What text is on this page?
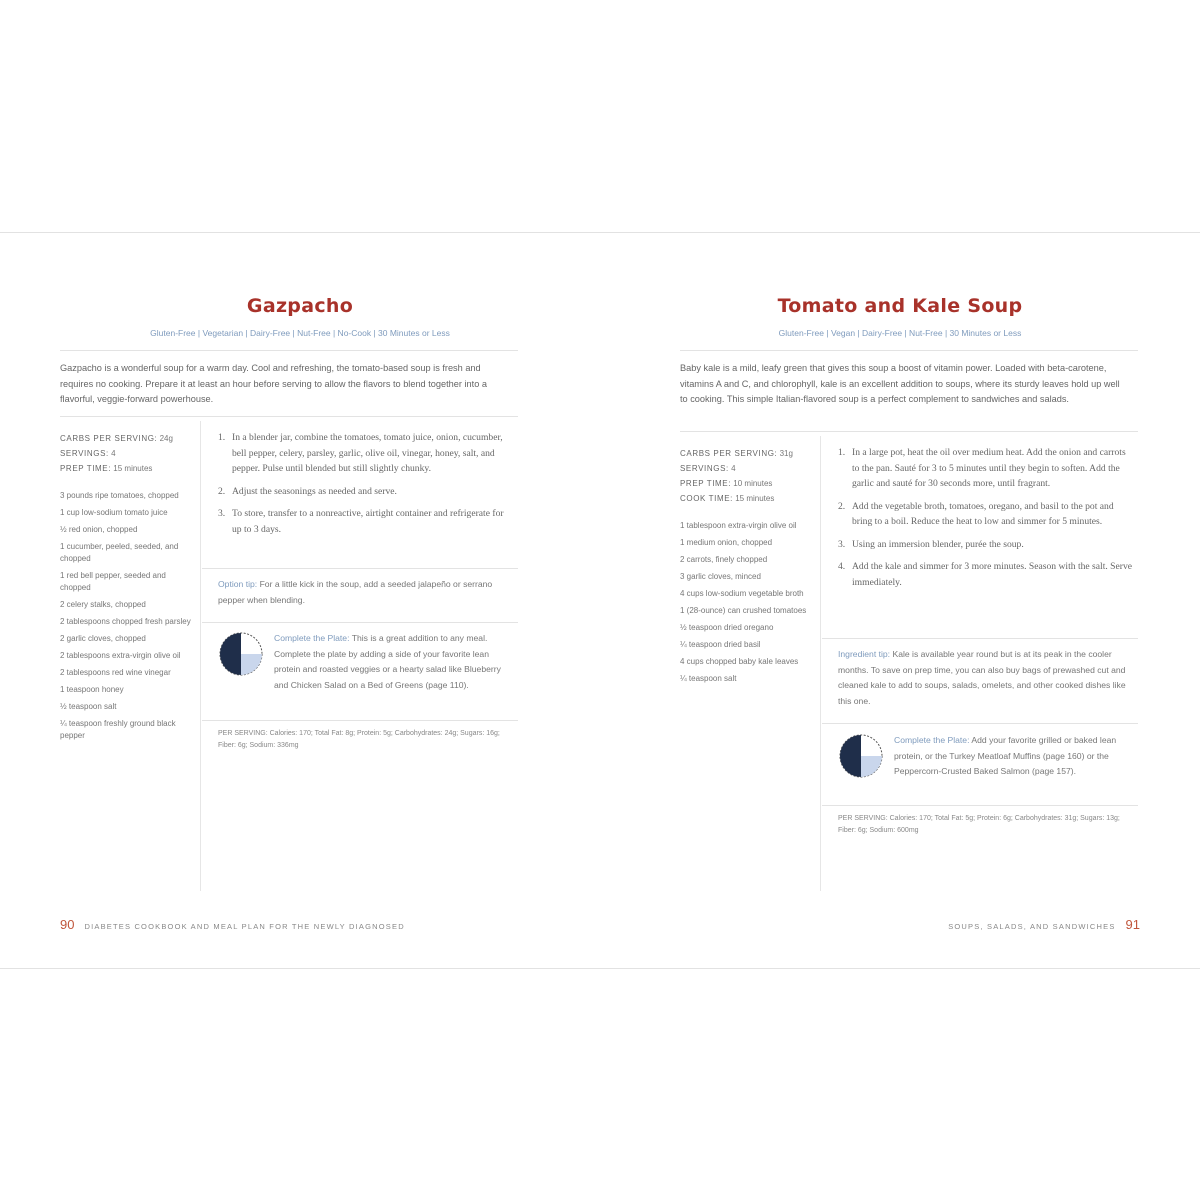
Gazpacho
Gluten-Free | Vegetarian | Dairy-Free | Nut-Free | No-Cook | 30 Minutes or Less
Gazpacho is a wonderful soup for a warm day. Cool and refreshing, the tomato-based soup is fresh and requires no cooking. Prepare it at least an hour before serving to allow the flavors to blend together into a flavorful, veggie-forward powerhouse.
CARBS PER SERVING: 24g
SERVINGS: 4
PREP TIME: 15 minutes
3 pounds ripe tomatoes, chopped
1 cup low-sodium tomato juice
½ red onion, chopped
1 cucumber, peeled, seeded, and chopped
1 red bell pepper, seeded and chopped
2 celery stalks, chopped
2 tablespoons chopped fresh parsley
2 garlic cloves, chopped
2 tablespoons extra-virgin olive oil
2 tablespoons red wine vinegar
1 teaspoon honey
½ teaspoon salt
¼ teaspoon freshly ground black pepper
1. In a blender jar, combine the tomatoes, tomato juice, onion, cucumber, bell pepper, celery, parsley, garlic, olive oil, vinegar, honey, salt, and pepper. Pulse until blended but still slightly chunky.
2. Adjust the seasonings as needed and serve.
3. To store, transfer to a nonreactive, airtight container and refrigerate for up to 3 days.
Option tip: For a little kick in the soup, add a seeded jalapeño or serrano pepper when blending.
Complete the Plate: This is a great addition to any meal. Complete the plate by adding a side of your favorite lean protein and roasted veggies or a hearty salad like Blueberry and Chicken Salad on a Bed of Greens (page 110).
PER SERVING: Calories: 170; Total Fat: 8g; Protein: 5g; Carbohydrates: 24g; Sugars: 16g; Fiber: 6g; Sodium: 336mg
90 DIABETES COOKBOOK AND MEAL PLAN FOR THE NEWLY DIAGNOSED
Tomato and Kale Soup
Gluten-Free | Vegan | Dairy-Free | Nut-Free | 30 Minutes or Less
Baby kale is a mild, leafy green that gives this soup a boost of vitamin power. Loaded with beta-carotene, vitamins A and C, and chlorophyll, kale is an excellent addition to soups, where its sturdy leaves hold up well to cooking. This simple Italian-flavored soup is a perfect complement to sandwiches and salads.
CARBS PER SERVING: 31g
SERVINGS: 4
PREP TIME: 10 minutes
COOK TIME: 15 minutes
1 tablespoon extra-virgin olive oil
1 medium onion, chopped
2 carrots, finely chopped
3 garlic cloves, minced
4 cups low-sodium vegetable broth
1 (28-ounce) can crushed tomatoes
½ teaspoon dried oregano
¼ teaspoon dried basil
4 cups chopped baby kale leaves
¼ teaspoon salt
1. In a large pot, heat the oil over medium heat. Add the onion and carrots to the pan. Sauté for 3 to 5 minutes until they begin to soften. Add the garlic and sauté for 30 seconds more, until fragrant.
2. Add the vegetable broth, tomatoes, oregano, and basil to the pot and bring to a boil. Reduce the heat to low and simmer for 5 minutes.
3. Using an immersion blender, purée the soup.
4. Add the kale and simmer for 3 more minutes. Season with the salt. Serve immediately.
Ingredient tip: Kale is available year round but is at its peak in the cooler months. To save on prep time, you can also buy bags of prewashed cut and cleaned kale to add to soups, salads, omelets, and other cooked dishes like this one.
Complete the Plate: Add your favorite grilled or baked lean protein, or the Turkey Meatloaf Muffins (page 160) or the Peppercorn-Crusted Baked Salmon (page 157).
PER SERVING: Calories: 170; Total Fat: 5g; Protein: 6g; Carbohydrates: 31g; Sugars: 13g; Fiber: 6g; Sodium: 600mg
SOUPS, SALADS, AND SANDWICHES 91
